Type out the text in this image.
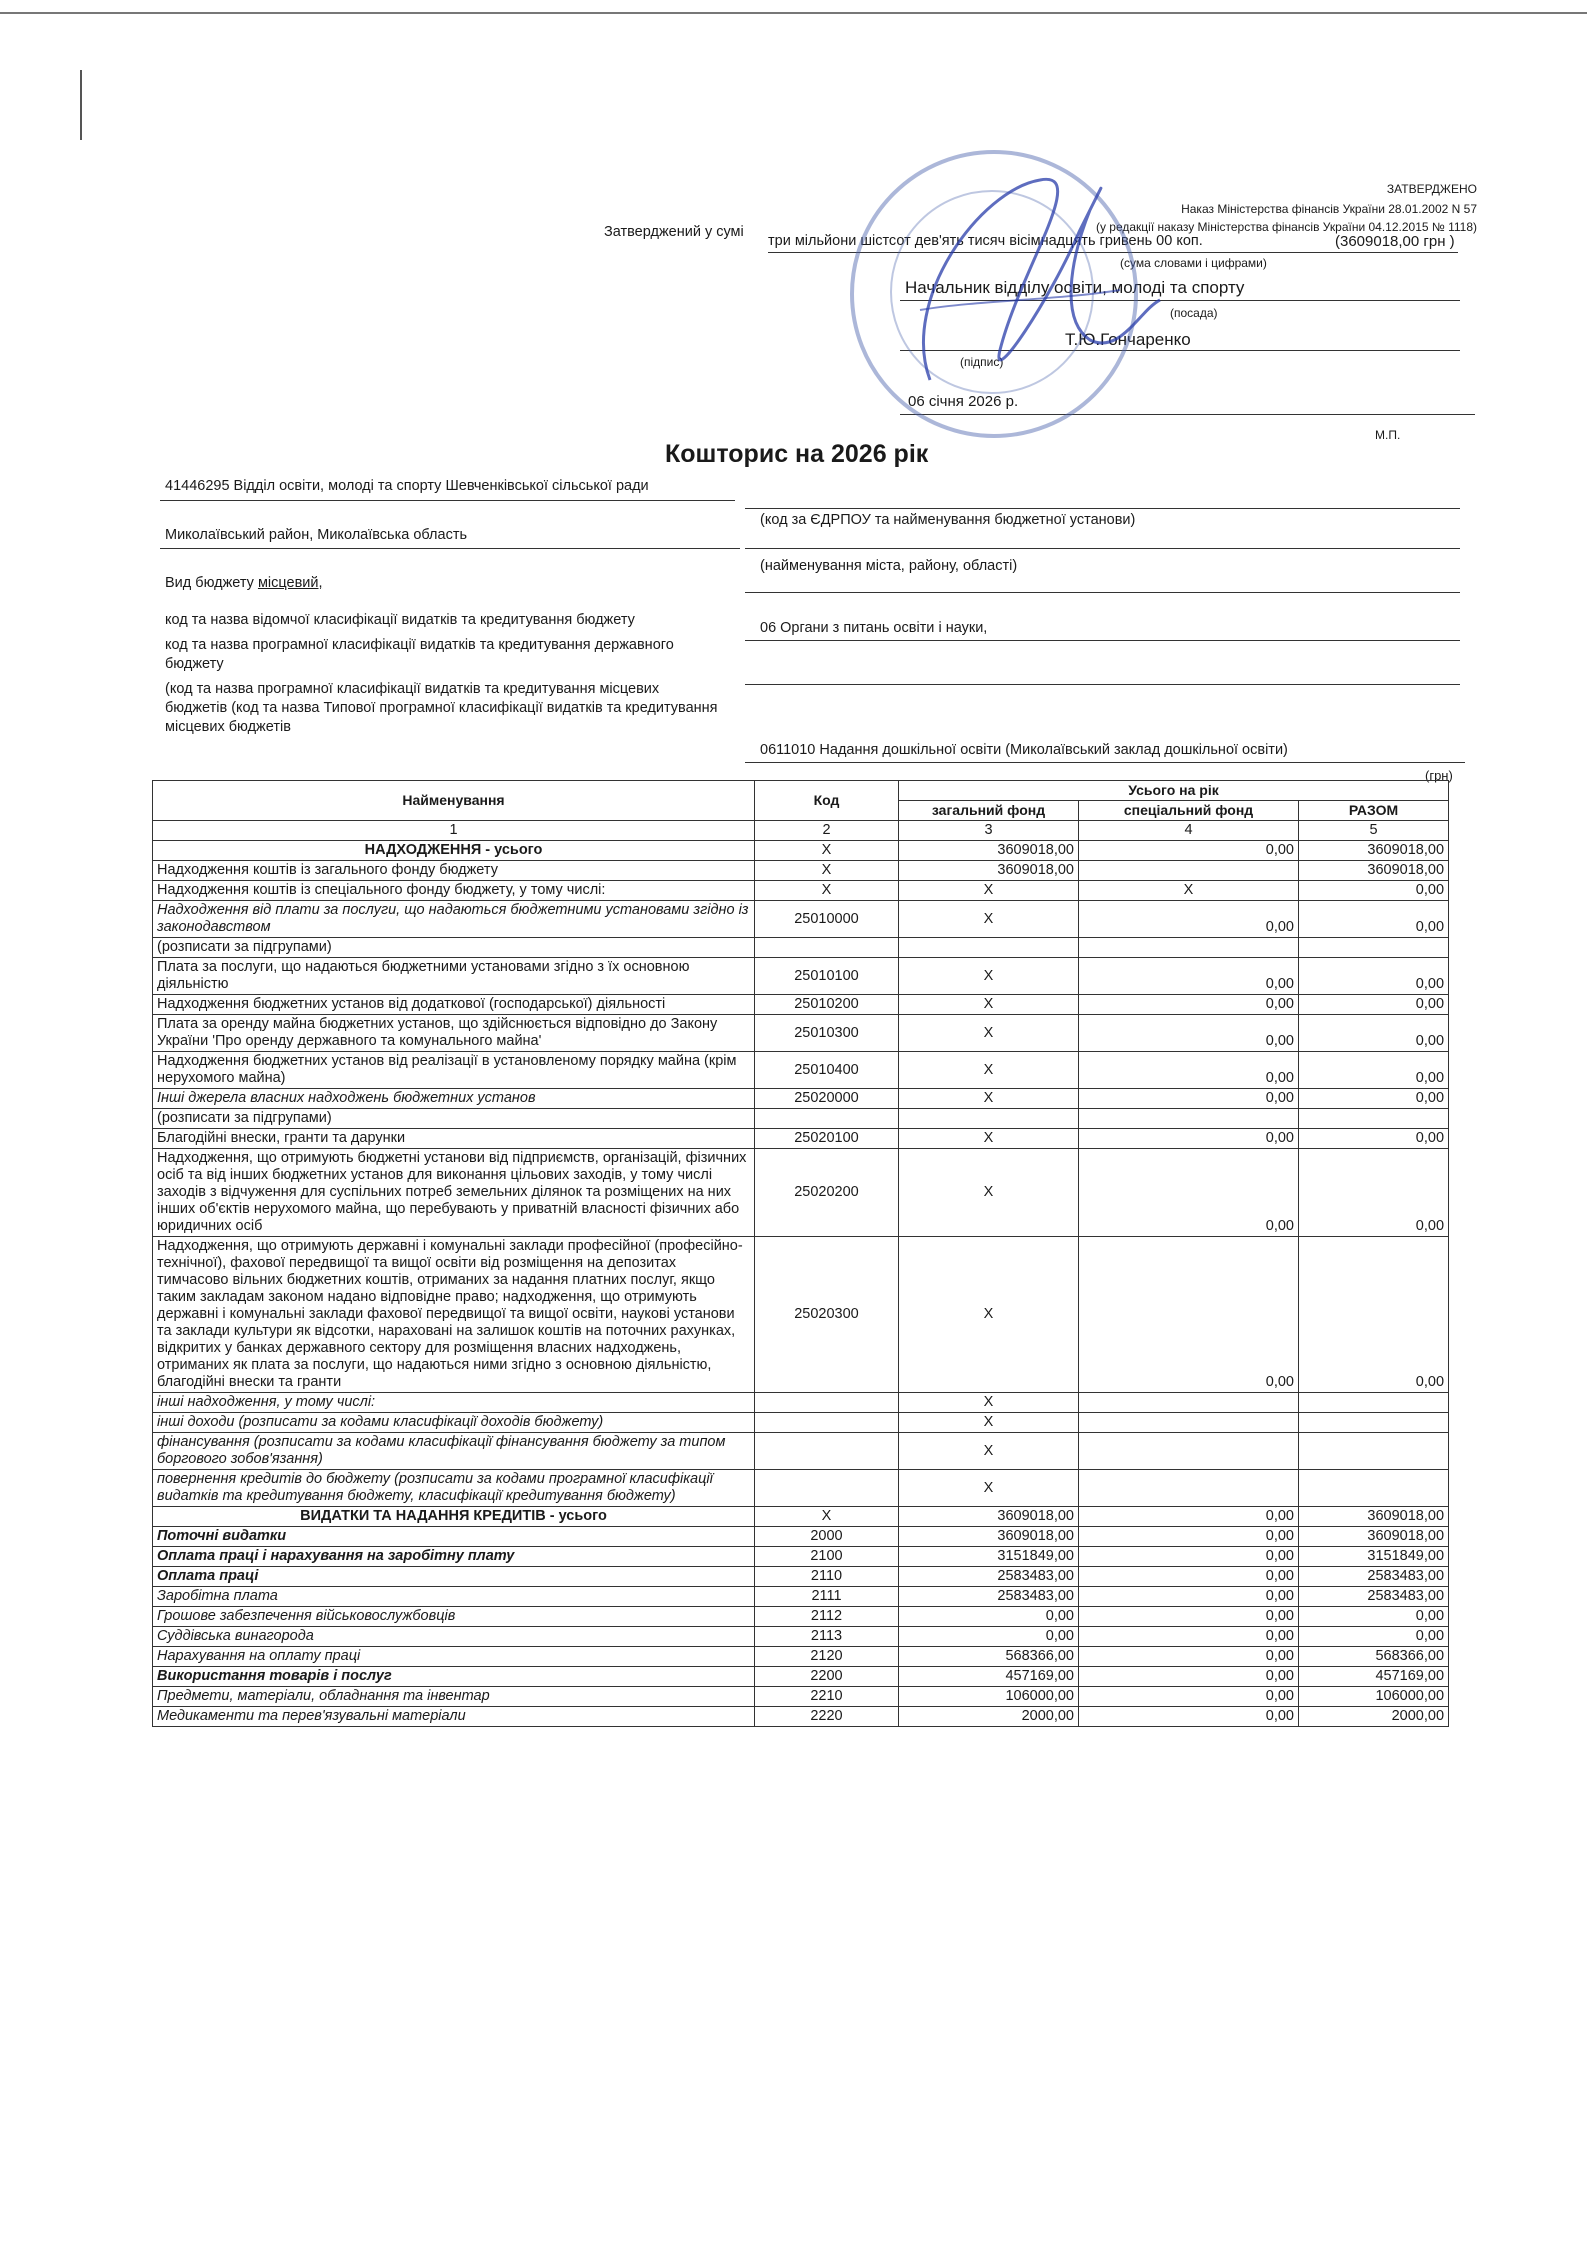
ЗАТВЕРДЖЕНО
Наказ Міністерства фінансів України 28.01.2002 N 57
(у редакції наказу Міністерства фінансів України 04.12.2015 № 1118)
Затверджений у сумі
три мільйони шістсот дев'ять тисяч вісімнадцять гривень 00 коп.	(3609018,00 грн )
(сума словами і цифрами)
Начальник відділу освіти, молоді та спорту
(посада)
Т.Ю.Гончаренко
(підпис)
06 січня 2026 р.
М.П.
Кошторис на 2026 рік
41446295 Відділ освіти, молоді та спорту Шевченківської сільської ради
(код за ЄДРПОУ та найменування бюджетної установи)
Миколаївський район, Миколаївська область
(найменування міста, району, області)
Вид бюджету місцевий,
код та назва відомчої класифікації видатків та кредитування бюджету	06 Органи з питань освіти і науки,
код та назва програмної класифікації видатків та кредитування державного бюджету
(код та назва програмної класифікації видатків та кредитування місцевих бюджетів (код та назва Типової програмної класифікації видатків та кредитування місцевих бюджетів
0611010 Надання дошкільної освіти (Миколаївський заклад дошкільної освіти)
(грн)
Найменування	Код	Усього на рік		
		загальний фонд	спеціальний фонд	РАЗОМ
1	2	3	4	5
НАДХОДЖЕННЯ - усього	Х	3609018,00	0,00	3609018,00
Надходження коштів із загального фонду бюджету	Х	3609018,00		3609018,00
Надходження коштів із спеціального фонду бюджету, у тому числі:	Х	Х	Х	0,00
Надходження від плати за послуги, що надаються бюджетними установами згідно із законодавством	25010000	Х	0,00	0,00
(розписати за підгрупами)				
Плата за послуги, що надаються бюджетними установами згідно з їх основною діяльністю	25010100	Х	0,00	0,00
Надходження бюджетних установ від додаткової (господарської) діяльності	25010200	Х	0,00	0,00
Плата за оренду майна бюджетних установ, що здійснюється відповідно до Закону України 'Про оренду державного та комунального майна'	25010300	Х	0,00	0,00
Надходження бюджетних установ від реалізації в установленому порядку майна (крім нерухомого майна)	25010400	Х	0,00	0,00
Інші джерела власних надходжень бюджетних установ	25020000	Х	0,00	0,00
(розписати за підгрупами)				
Благодійні внески, гранти та дарунки	25020100	Х	0,00	0,00
Надходження, що отримують бюджетні установи від підприємств, організацій, фізичних осіб та від інших бюджетних установ для виконання цільових заходів, у тому числі заходів з відчуження для суспільних потреб земельних ділянок та розміщених на них інших об'єктів нерухомого майна, що перебувають у приватній власності фізичних або юридичних осіб	25020200	Х	0,00	0,00
Надходження, що отримують державні і комунальні заклади професійної (професійно-технічної), фахової передвищої та вищої освіти від розміщення на депозитах тимчасово вільних бюджетних коштів, отриманих за надання платних послуг, якщо таким закладам законом надано відповідне право; надходження, що отримують державні і комунальні заклади фахової передвищої та вищої освіти, наукові установи та заклади культури як відсотки, нараховані на залишок коштів на поточних рахунках, відкритих у банках державного сектору для розміщення власних надходжень, отриманих як плата за послуги, що надаються ними згідно з основною діяльністю, благодійні внески та гранти	25020300	Х	0,00	0,00
інші надходження, у тому числі:		Х		
інші доходи (розписати за кодами класифікації доходів бюджету)		Х		
фінансування (розписати за кодами класифікації фінансування бюджету за типом боргового зобов'язання)		Х		
повернення кредитів до бюджету (розписати за кодами програмної класифікації видатків та кредитування бюджету, класифікації кредитування бюджету)		Х		
ВИДАТКИ ТА НАДАННЯ КРЕДИТІВ - усього	Х	3609018,00	0,00	3609018,00
Поточні видатки	2000	3609018,00	0,00	3609018,00
Оплата праці і нарахування на заробітну плату	2100	3151849,00	0,00	3151849,00
Оплата праці	2110	2583483,00	0,00	2583483,00
Заробітна плата	2111	2583483,00	0,00	2583483,00
Грошове забезпечення військовослужбовців	2112	0,00	0,00	0,00
Суддівська винагорода	2113	0,00	0,00	0,00
Нарахування на оплату праці	2120	568366,00	0,00	568366,00
Використання товарів і послуг	2200	457169,00	0,00	457169,00
Предмети, матеріали, обладнання та інвентар	2210	106000,00	0,00	106000,00
Медикаменти та перев'язувальні матеріали	2220	2000,00	0,00	2000,00
